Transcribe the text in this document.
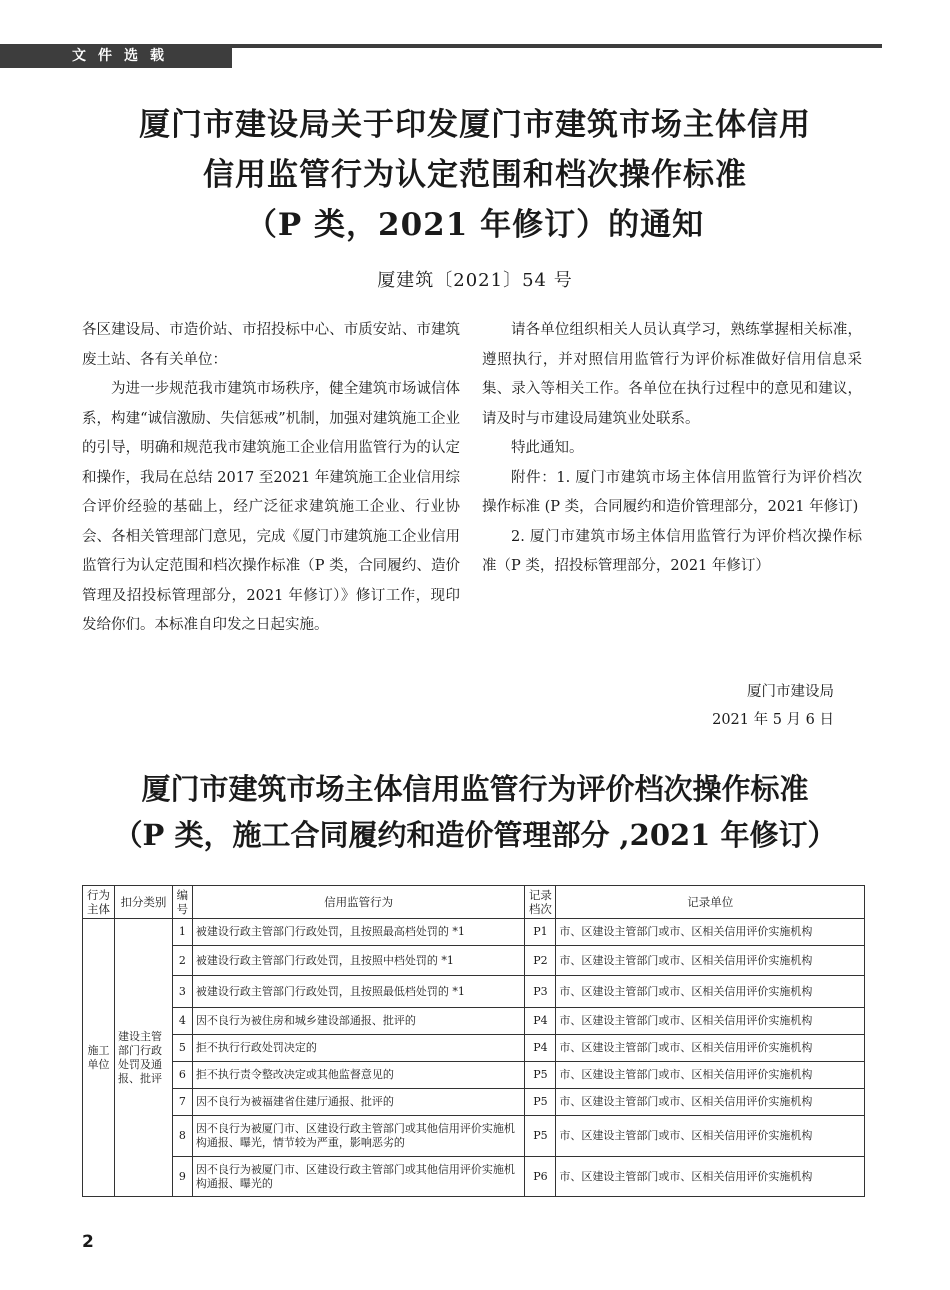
文件选载
厦门市建设局关于印发厦门市建筑市场主体信用
信用监管行为认定范围和档次操作标准
（P 类，2021 年修订）的通知
厦建筑〔2021〕54 号

各区建设局、市造价站、市招投标中心、市质安站、市建筑废土站、各有关单位：

为进一步规范我市建筑市场秩序，健全建筑市场诚信体系，构建“诚信激励、失信惩戒”机制，加强对建筑施工企业的引导，明确和规范我市建筑施工企业信用监管行为的认定和操作，我局在总结 2017 至2021 年建筑施工企业信用综合评价经验的基础上，经广泛征求建筑施工企业、行业协会、各相关管理部门意见，完成《厦门市建筑施工企业信用监管行为认定范围和档次操作标准（P 类，合同履约、造价管理及招投标管理部分，2021 年修订）》修订工作，现印发给你们。本标准自印发之日起实施。

请各单位组织相关人员认真学习，熟练掌握相关标准，遵照执行，并对照信用监管行为评价标准做好信用信息采集、录入等相关工作。各单位在执行过程中的意见和建议，请及时与市建设局建筑业处联系。

特此通知。

附件：1. 厦门市建筑市场主体信用监管行为评价档次操作标准 (P 类，合同履约和造价管理部分，2021 年修订)

2. 厦门市建筑市场主体信用监管行为评价档次操作标准（P 类，招投标管理部分，2021 年修订）

厦门市建设局
2021 年 5 月 6 日
厦门市建筑市场主体信用监管行为评价档次操作标准
（P 类，施工合同履约和造价管理部分 ,2021 年修订）
行为主体	扣分类别	编号	信用监管行为	记录档次	记录单位
施工单位	建设主管部门行政处罚及通报、批评	1	被建设行政主管部门行政处罚，且按照最高档处罚的 *1	P1	市、区建设主管部门或市、区相关信用评价实施机构
		2	被建设行政主管部门行政处罚，且按照中档处罚的 *1	P2	市、区建设主管部门或市、区相关信用评价实施机构
		3	被建设行政主管部门行政处罚，且按照最低档处罚的 *1	P3	市、区建设主管部门或市、区相关信用评价实施机构
		4	因不良行为被住房和城乡建设部通报、批评的	P4	市、区建设主管部门或市、区相关信用评价实施机构
		5	拒不执行行政处罚决定的	P4	市、区建设主管部门或市、区相关信用评价实施机构
		6	拒不执行责令整改决定或其他监督意见的	P5	市、区建设主管部门或市、区相关信用评价实施机构
		7	因不良行为被福建省住建厅通报、批评的	P5	市、区建设主管部门或市、区相关信用评价实施机构
		8	因不良行为被厦门市、区建设行政主管部门或其他信用评价实施机构通报、曝光，情节较为严重，影响恶劣的	P5	市、区建设主管部门或市、区相关信用评价实施机构
		9	因不良行为被厦门市、区建设行政主管部门或其他信用评价实施机构通报、曝光的	P6	市、区建设主管部门或市、区相关信用评价实施机构
2
